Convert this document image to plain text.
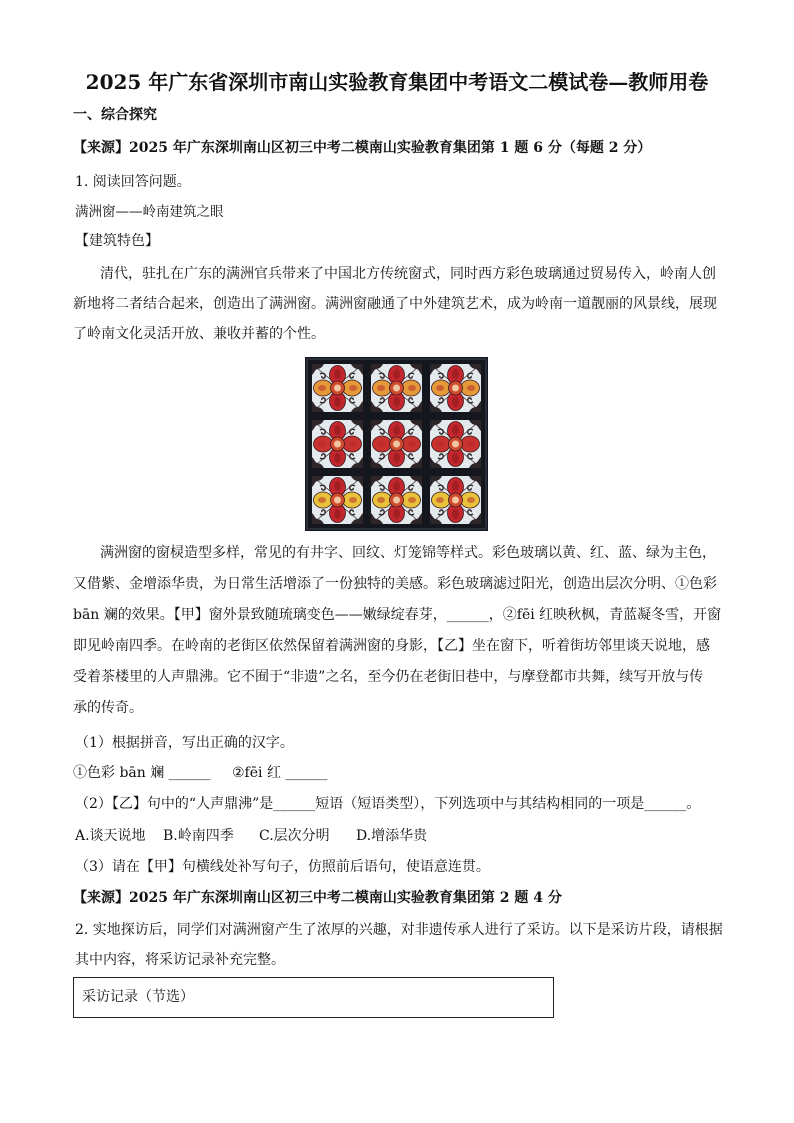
2025 年广东省深圳市南山实验教育集团中考语文二模试卷—教师用卷
一、综合探究
【来源】2025 年广东深圳南山区初三中考二模南山实验教育集团第 1 题 6 分（每题 2 分）
1. 阅读回答问题。
满洲窗——岭南建筑之眼
【建筑特色】
清代，驻扎在广东的满洲官兵带来了中国北方传统窗式，同时西方彩色玻璃通过贸易传入，岭南人创
新地将二者结合起来，创造出了满洲窗。满洲窗融通了中外建筑艺术，成为岭南一道靓丽的风景线，展现
了岭南文化灵活开放、兼收并蓄的个性。
满洲窗的窗棂造型多样，常见的有井字、回纹、灯笼锦等样式。彩色玻璃以黄、红、蓝、绿为主色，
又借紫、金增添华贵，为日常生活增添了一份独特的美感。彩色玻璃滤过阳光，创造出层次分明、①色彩
bān 斓的效果。【甲】窗外景致随琉璃变色——嫩绿绽春芽，______，②fēi 红映秋枫，青蓝凝冬雪，开窗
即见岭南四季。在岭南的老街区依然保留着满洲窗的身影，【乙】坐在窗下，听着街坊邻里谈天说地，感
受着茶楼里的人声鼎沸。它不囿于“非遗”之名，至今仍在老街旧巷中，与摩登都市共舞，续写开放与传
承的传奇。
（1）根据拼音，写出正确的汉字。
①色彩 bān 斓 ______ ②fēi 红 ______
（2）【乙】句中的“人声鼎沸”是______短语（短语类型），下列选项中与其结构相同的一项是______。
A.谈天说地 B.岭南四季 C.层次分明 D.增添华贵
（3）请在【甲】句横线处补写句子，仿照前后语句，使语意连贯。
【来源】2025 年广东深圳南山区初三中考二模南山实验教育集团第 2 题 4 分
2. 实地探访后，同学们对满洲窗产生了浓厚的兴趣，对非遗传承人进行了采访。以下是采访片段，请根据
其中内容，将采访记录补充完整。
采访记录（节选）
